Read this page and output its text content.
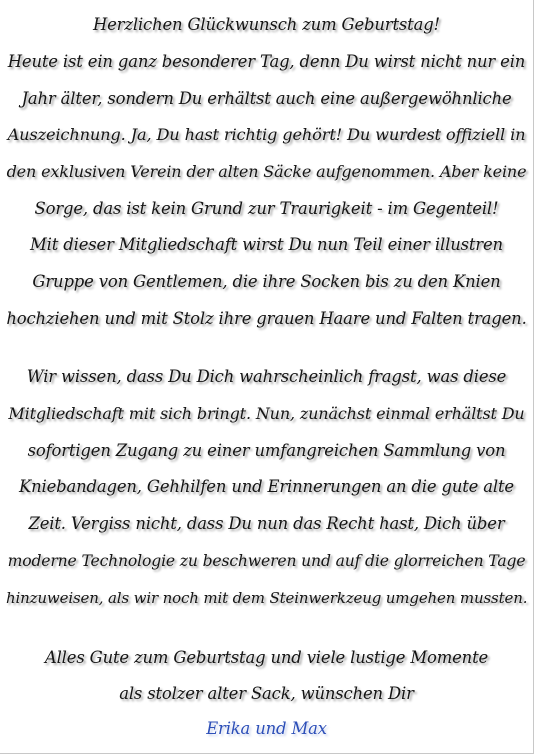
Herzlichen Glückwunsch zum Geburtstag!
Heute ist ein ganz besonderer Tag, denn Du wirst nicht nur ein
Jahr älter, sondern Du erhältst auch eine außergewöhnliche
Auszeichnung. Ja, Du hast richtig gehört! Du wurdest offiziell in
den exklusiven Verein der alten Säcke aufgenommen. Aber keine
Sorge, das ist kein Grund zur Traurigkeit - im Gegenteil!
Mit dieser Mitgliedschaft wirst Du nun Teil einer illustren
Gruppe von Gentlemen, die ihre Socken bis zu den Knien
hochziehen und mit Stolz ihre grauen Haare und Falten tragen.
Wir wissen, dass Du Dich wahrscheinlich fragst, was diese
Mitgliedschaft mit sich bringt. Nun, zunächst einmal erhältst Du
sofortigen Zugang zu einer umfangreichen Sammlung von
Kniebandagen, Gehhilfen und Erinnerungen an die gute alte
Zeit. Vergiss nicht, dass Du nun das Recht hast, Dich über
moderne Technologie zu beschweren und auf die glorreichen Tage
hinzuweisen, als wir noch mit dem Steinwerkzeug umgehen mussten.
Alles Gute zum Geburtstag und viele lustige Momente
als stolzer alter Sack, wünschen Dir
Erika und Max
